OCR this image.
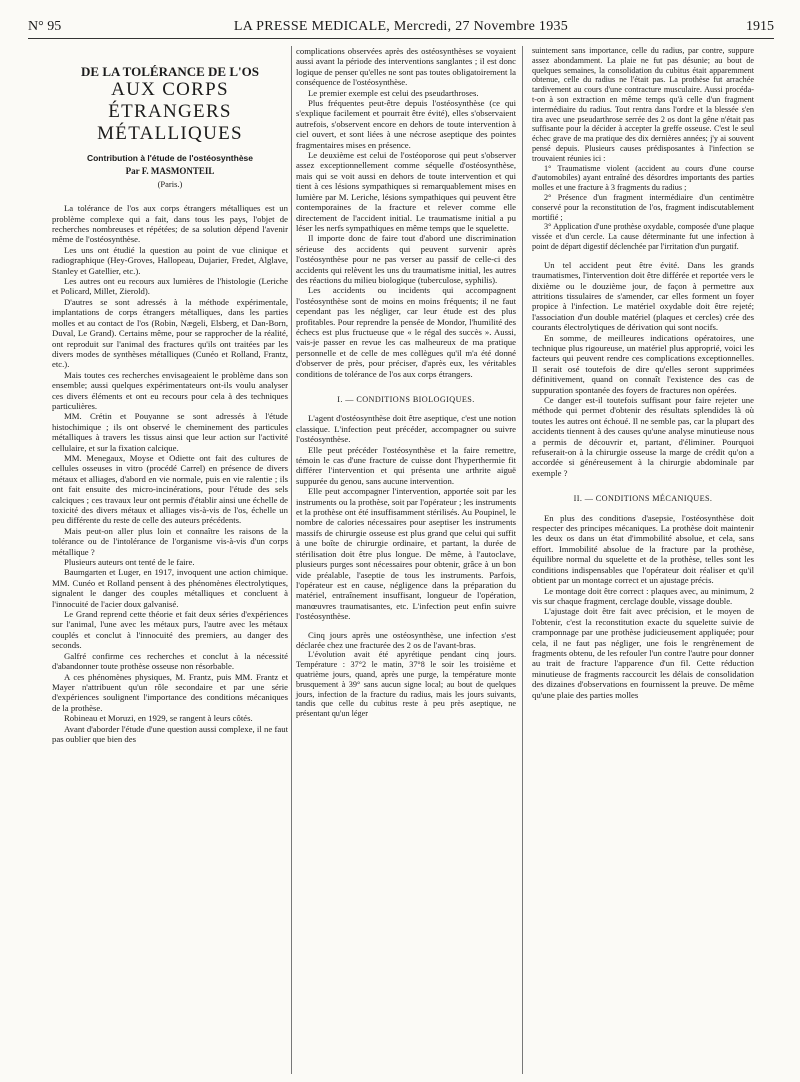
N° 95	LA PRESSE MEDICALE, Mercredi, 27 Novembre 1935	1915
DE LA TOLÉRANCE DE L'OS
AUX CORPS ÉTRANGERS
MÉTALLIQUES
Contribution à l'étude de l'ostéosynthèse
Par F. MASMONTEIL
(Paris.)

La tolérance de l'os aux corps étrangers métalliques est un problème complexe qui a fait, dans tous les pays, l'objet de recherches nombreuses et répétées; de sa solution dépend l'avenir même de l'ostéosynthèse.

Les uns ont étudié la question au point de vue clinique et radiographique (Hey-Groves, Hallopeau, Dujarier, Fredet, Alglave, Stanley et Gatellier, etc.).

Les autres ont eu recours aux lumières de l'histologie (Leriche et Policard, Millet, Zierold).

D'autres se sont adressés à la méthode expérimentale, implantations de corps étrangers métalliques, dans les parties molles et au contact de l'os (Robin, Nægeli, Elsberg, et Dan-Born, Duval, Le Grand). Certains même, pour se rapprocher de la réalité, ont reproduit sur l'animal des fractures qu'ils ont traitées par les divers modes de synthèses métalliques (Cunéo et Rolland, Frantz, etc.).

Mais toutes ces recherches envisageaient le problème dans son ensemble; aussi quelques expérimentateurs ont-ils voulu analyser ces divers éléments et ont eu recours pour cela à des techniques particulières.

MM. Crétin et Pouyanne se sont adressés à l'étude histochimique ; ils ont observé le cheminement des particules métalliques à travers les tissus ainsi que leur action sur l'activité cellulaire, et sur la fixation calcique.

MM. Menegaux, Moyse et Odiette ont fait des cultures de cellules osseuses in vitro (procédé Carrel) en présence de divers métaux et alliages, d'abord en vie normale, puis en vie ralentie ; ils ont fait ensuite des micro-incinérations, pour l'étude des sels calciques ; ces travaux leur ont permis d'établir ainsi une échelle de toxicité des divers métaux et alliages vis-à-vis de l'os, échelle un peu différente du reste de celle des auteurs précédents.

Mais peut-on aller plus loin et connaître les raisons de la tolérance ou de l'intolérance de l'organisme vis-à-vis d'un corps métallique ?

Plusieurs auteurs ont tenté de le faire.

Baumgarten et Luger, en 1917, invoquent une action chimique. MM. Cunéo et Rolland pensent à des phénomènes électrolytiques, signalent le danger des couples métalliques et concluent à l'innocuité de l'acier doux galvanisé.

Le Grand reprend cette théorie et fait deux séries d'expériences sur l'animal, l'une avec les métaux purs, l'autre avec les métaux couplés et conclut à l'innocuité des premiers, au danger des seconds.

Galfré confirme ces recherches et conclut à la nécessité d'abandonner toute prothèse osseuse non résorbable.

A ces phénomènes physiques, M. Frantz, puis MM. Frantz et Mayer n'attribuent qu'un rôle secondaire et par une série d'expériences soulignent l'importance des conditions mécaniques de la prothèse.

Robineau et Moruzi, en 1929, se rangent à leurs côtés.

Avant d'aborder l'étude d'une question aussi complexe, il ne faut pas oublier que bien des

complications observées après des ostéosynthèses se voyaient aussi avant la période des interventions sanglantes ; il est donc logique de penser qu'elles ne sont pas toutes obligatoirement la conséquence de l'ostéosynthèse.

Le premier exemple est celui des pseudarthroses.

Plus fréquentes peut-être depuis l'ostéosynthèse (ce qui s'explique facilement et pourrait être évité), elles s'observaient autrefois, s'observent encore en dehors de toute intervention à ciel ouvert, et sont liées à une nécrose aseptique des pointes fragmentaires mises en présence.

Le deuxième est celui de l'ostéoporose qui peut s'observer assez exceptionnellement comme séquelle d'ostéosynthèse, mais qui se voit aussi en dehors de toute intervention et qui tient à ces lésions sympathiques si remarquablement mises en lumière par M. Leriche, lésions sympathiques qui peuvent être contemporaines de la fracture et relever comme elle directement de l'accident initial. Le traumatisme initial a pu léser les nerfs sympathiques en même temps que le squelette.

Il importe donc de faire tout d'abord une discrimination sérieuse des accidents qui peuvent survenir après l'ostéosynthèse pour ne pas verser au passif de celle-ci des accidents qui relèvent les uns du traumatisme initial, les autres des réactions du milieu biologique (tuberculose, syphilis).

Les accidents ou incidents qui accompagnent l'ostéosynthèse sont de moins en moins fréquents; il ne faut cependant pas les négliger, car leur étude est des plus profitables. Pour reprendre la pensée de Mondor, l'humilité des échecs est plus fructueuse que « le régal des succès ». Aussi, vais-je passer en revue les cas malheureux de ma pratique personnelle et de celle de mes collègues qu'il m'a été donné d'observer de près, pour préciser, d'après eux, les véritables conditions de tolérance de l'os aux corps étrangers.

I. — CONDITIONS BIOLOGIQUES.

L'agent d'ostéosynthèse doit être aseptique, c'est une notion classique. L'infection peut précéder, accompagner ou suivre l'ostéosynthèse.

Elle peut précéder l'ostéosynthèse et la faire remettre, témoin le cas d'une fracture de cuisse dont l'hyperthermie fit différer l'intervention et qui présenta une arthrite aiguë suppurée du genou, sans aucune intervention.

Elle peut accompagner l'intervention, apportée soit par les instruments ou la prothèse, soit par l'opérateur ; les instruments et la prothèse ont été insuffisamment stérilisés. Au Poupinel, le nombre de calories nécessaires pour aseptiser les instruments massifs de chirurgie osseuse est plus grand que celui qui suffit à une boîte de chirurgie ordinaire, et partant, la durée de stérilisation doit être plus longue. De même, à l'autoclave, plusieurs purges sont nécessaires pour obtenir, grâce à un bon vide préalable, l'aseptie de tous les instruments. Parfois, l'opérateur est en cause, négligence dans la préparation du matériel, entraînement insuffisant, longueur de l'opération, manœuvres traumatisantes, etc. L'infection peut enfin suivre l'ostéosynthèse.

Cinq jours après une ostéosynthèse, une infection s'est déclarée chez une fracturée des 2 os de l'avant-bras.

L'évolution avait été apyrétique pendant cinq jours. Température : 37°2 le matin, 37°8 le soir les troisième et quatrième jours, quand, après une purge, la température monte brusquement à 39° sans aucun signe local; au bout de quelques jours, infection de la fracture du radius, mais les jours suivants, tandis que celle du cubitus reste à peu près aseptique, ne présentant qu'un léger

suintement sans importance, celle du radius, par contre, suppure assez abondamment. La plaie ne fut pas désunie; au bout de quelques semaines, la consolidation du cubitus était apparemment obtenue, celle du radius ne l'était pas. La prothèse fut arrachée tardivement au cours d'une contracture musculaire. Aussi procéda-t-on à son extraction en même temps qu'à celle d'un fragment intermédiaire du radius. Tout rentra dans l'ordre et la blessée s'en tira avec une pseudarthrose serrée des 2 os dont la gêne n'était pas suffisante pour la décider à accepter la greffe osseuse. C'est le seul échec grave de ma pratique des dix dernières années; j'y ai souvent pensé depuis. Plusieurs causes prédisposantes à l'infection se trouvaient réunies ici :

1° Traumatisme violent (accident au cours d'une course d'automobiles) ayant entraîné des désordres importants des parties molles et une fracture à 3 fragments du radius ;

2° Présence d'un fragment intermédiaire d'un centimètre conservé pour la reconstitution de l'os, fragment indiscutablement mortifié ;

3° Application d'une prothèse oxydable, composée d'une plaque vissée et d'un cercle. La cause déterminante fut une infection à point de départ digestif déclenchée par l'irritation d'un purgatif.

Un tel accident peut être évité. Dans les grands traumatismes, l'intervention doit être différée et reportée vers le dixième ou le douzième jour, de façon à permettre aux attritions tissulaires de s'amender, car elles forment un foyer propice à l'infection. Le matériel oxydable doit être rejeté; l'association d'un double matériel (plaques et cercles) crée des courants électrolytiques de dérivation qui sont nocifs.

En somme, de meilleures indications opératoires, une technique plus rigoureuse, un matériel plus approprié, voici les facteurs qui peuvent rendre ces complications exceptionnelles. Il serait osé toutefois de dire qu'elles seront supprimées définitivement, quand on connaît l'existence des cas de suppuration spontanée des foyers de fractures non opérées.

Ce danger est-il toutefois suffisant pour faire rejeter une méthode qui permet d'obtenir des résultats splendides là où toutes les autres ont échoué. Il ne semble pas, car la plupart des accidents tiennent à des causes qu'une analyse minutieuse nous a permis de découvrir et, partant, d'éliminer. Pourquoi refuserait-on à la chirurgie osseuse la marge de crédit qu'on a accordée si généreusement à la chirurgie abdominale par exemple ?

II. — CONDITIONS MÉCANIQUES.

En plus des conditions d'asepsie, l'ostéosynthèse doit respecter des principes mécaniques. La prothèse doit maintenir les deux os dans un état d'immobilité absolue, et cela, sans effort. Immobilité absolue de la fracture par la prothèse, équilibre normal du squelette et de la prothèse, telles sont les conditions indispensables que l'opérateur doit réaliser et qu'il obtient par un montage correct et un ajustage précis.

Le montage doit être correct : plaques avec, au minimum, 2 vis sur chaque fragment, cerclage double, vissage double.

L'ajustage doit être fait avec précision, et le moyen de l'obtenir, c'est la reconstitution exacte du squelette suivie de cramponnage par une prothèse judicieusement appliquée; pour cela, il ne faut pas négliger, une fois le rengrènement de fragments obtenu, de les refouler l'un contre l'autre pour donner au trait de fracture l'apparence d'un fil. Cette réduction minutieuse de fragments raccourcit les délais de consolidation des dizaines d'observations en fournissent la preuve. De même qu'une plaie des parties molles
